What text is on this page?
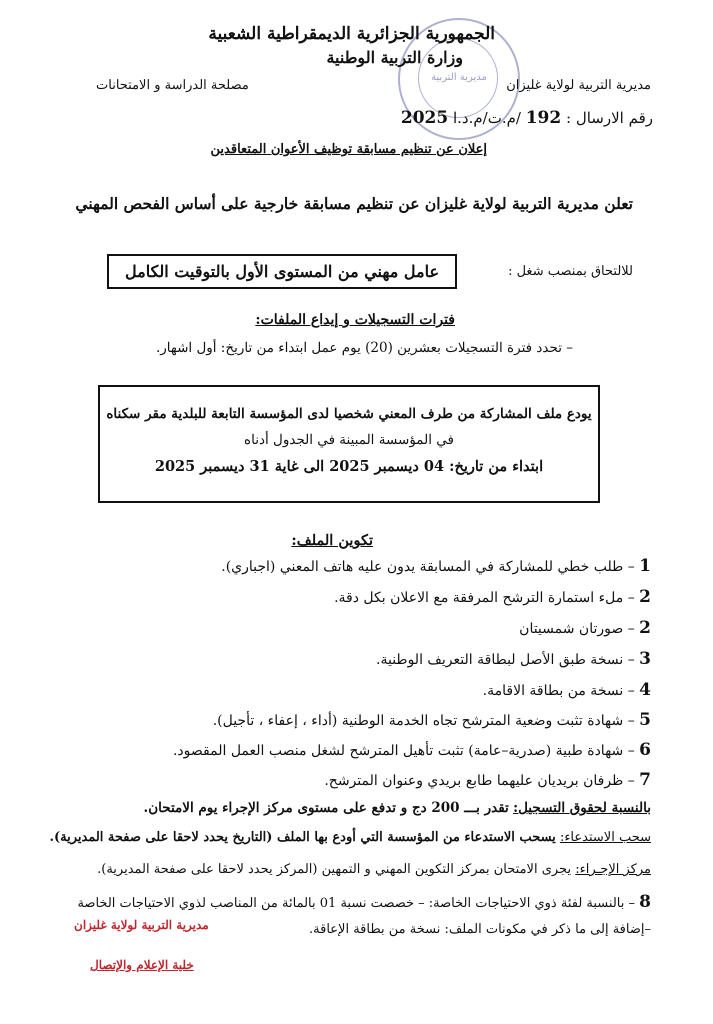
مديرية التربية
الجمهورية الجزائرية الديمقراطية الشعبية
وزارة التربية الوطنية
مديرية التربية لولاية غليزان
مصلحة الدراسة و الامتحانات
رقم الارسال : 192 /م.ت/م.د.ا 2025
إعلان عن تنظيم مسابقة توظيف الأعوان المتعاقدين
تعلن مديرية التربية لولاية غليزان عن تنظيم مسابقة خارجية على أساس الفحص المهني
للالتحاق بمنصب شغل :
عامل مهني من المستوى الأول بالتوقيت الكامل
فترات التسجيلات و إيداع الملفات:
– تحدد فترة التسجيلات بعشرين (20) يوم عمل ابتداء من تاريخ: أول اشهار.
يودع ملف المشاركة من طرف المعني شخصيا لدى المؤسسة التابعة للبلدية مقر سكناه
في المؤسسة المبينة في الجدول أدناه
ابتداء من تاريخ: 04 ديسمبر 2025 الى غاية 31 ديسمبر 2025
تكوين الملف:
1 – طلب خطي للمشاركة في المسابقة يدون عليه هاتف المعني (اجباري).
2 – ملء استمارة الترشح المرفقة مع الاعلان بكل دقة.
2 – صورتان شمسيتان
3 – نسخة طبق الأصل لبطاقة التعريف الوطنية.
4 – نسخة من بطاقة الاقامة.
5 – شهادة تثبت وضعية المترشح تجاه الخدمة الوطنية (أداء ، إعفاء ، تأجيل).
6 – شهادة طبية (صدرية–عامة) تثبت تأهيل المترشح لشغل منصب العمل المقصود.
7 – ظرفان بريديان عليهما طابع بريدي وعنوان المترشح.
بالنسبة لحقوق التسجيل: تقدر بـــ 200 دج و تدفع على مستوى مركز الإجراء يوم الامتحان.
سحب الاستدعاء: يسحب الاستدعاء من المؤسسة التي أودع بها الملف (التاريخ يحدد لاحقا على صفحة المديرية).
مركز الإجـراء: يجرى الامتحان بمركز التكوين المهني و التمهين (المركز يحدد لاحقا على صفحة المديرية).
8 – بالنسبة لفئة ذوي الاحتياجات الخاصة: – خصصت نسبة 01 بالمائة من المناصب لذوي الاحتياجات الخاصة
–إضافة إلى ما ذكر في مكونات الملف: نسخة من بطاقة الإعاقة.
مديرية التربية لولاية غليزان
خلية الإعلام والإتصال
